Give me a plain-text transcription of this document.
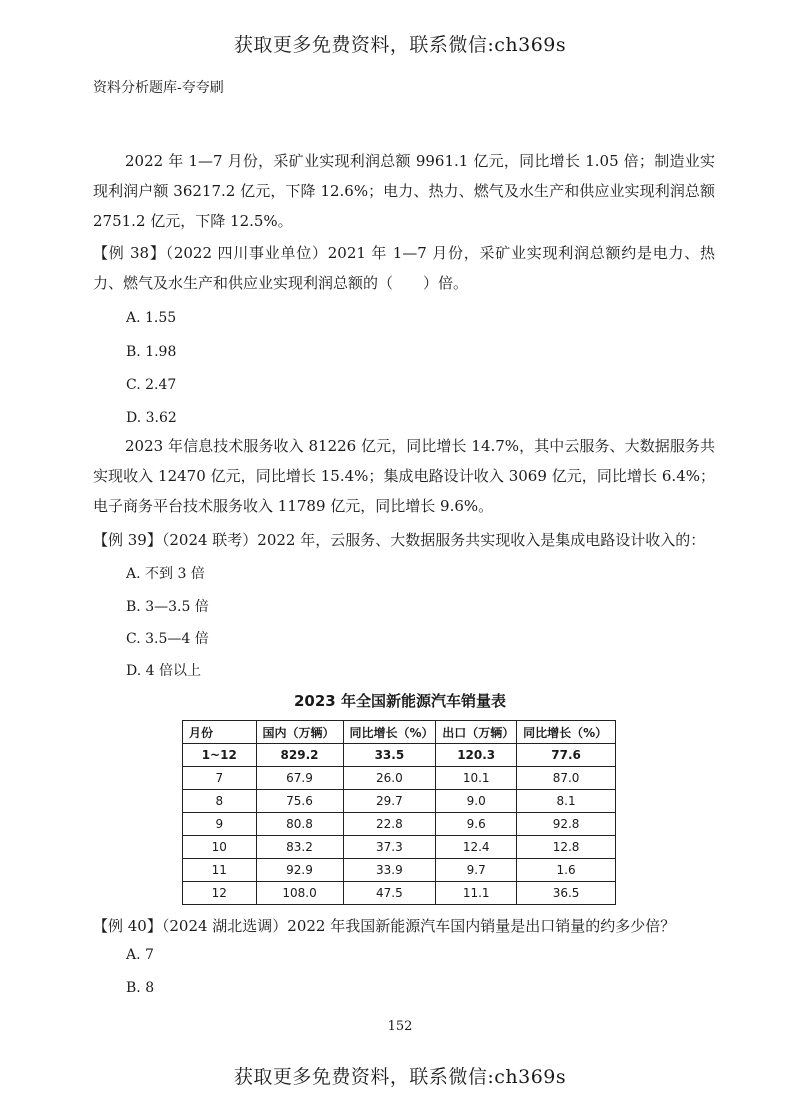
获取更多免费资料，联系微信:ch369s
资料分析题库-夸夸刷
2022 年 1—7 月份，采矿业实现利润总额 9961.1 亿元，同比增长 1.05 倍；制造业实现利润户额 36217.2 亿元，下降 12.6%；电力、热力、燃气及水生产和供应业实现利润总额 2751.2 亿元，下降 12.5%。
【例 38】（2022 四川事业单位）2021 年 1—7 月份，采矿业实现利润总额约是电力、热力、燃气及水生产和供应业实现利润总额的（　　）倍。
A. 1.55
B. 1.98
C. 2.47
D. 3.62
2023 年信息技术服务收入 81226 亿元，同比增长 14.7%，其中云服务、大数据服务共实现收入 12470 亿元，同比增长 15.4%；集成电路设计收入 3069 亿元，同比增长 6.4%；电子商务平台技术服务收入 11789 亿元，同比增长 9.6%。
【例 39】（2024 联考）2022 年，云服务、大数据服务共实现收入是集成电路设计收入的：
A. 不到 3 倍
B. 3—3.5 倍
C. 3.5—4 倍
D. 4 倍以上
2023 年全国新能源汽车销量表
月份	国内（万辆）	同比增长（%）	出口（万辆）	同比增长（%）
1~12	829.2	33.5	120.3	77.6
7	67.9	26.0	10.1	87.0
8	75.6	29.7	9.0	8.1
9	80.8	22.8	9.6	92.8
10	83.2	37.3	12.4	12.8
11	92.9	33.9	9.7	1.6
12	108.0	47.5	11.1	36.5
【例 40】（2024 湖北选调）2022 年我国新能源汽车国内销量是出口销量的约多少倍？
A. 7
B. 8
152
获取更多免费资料，联系微信:ch369s
